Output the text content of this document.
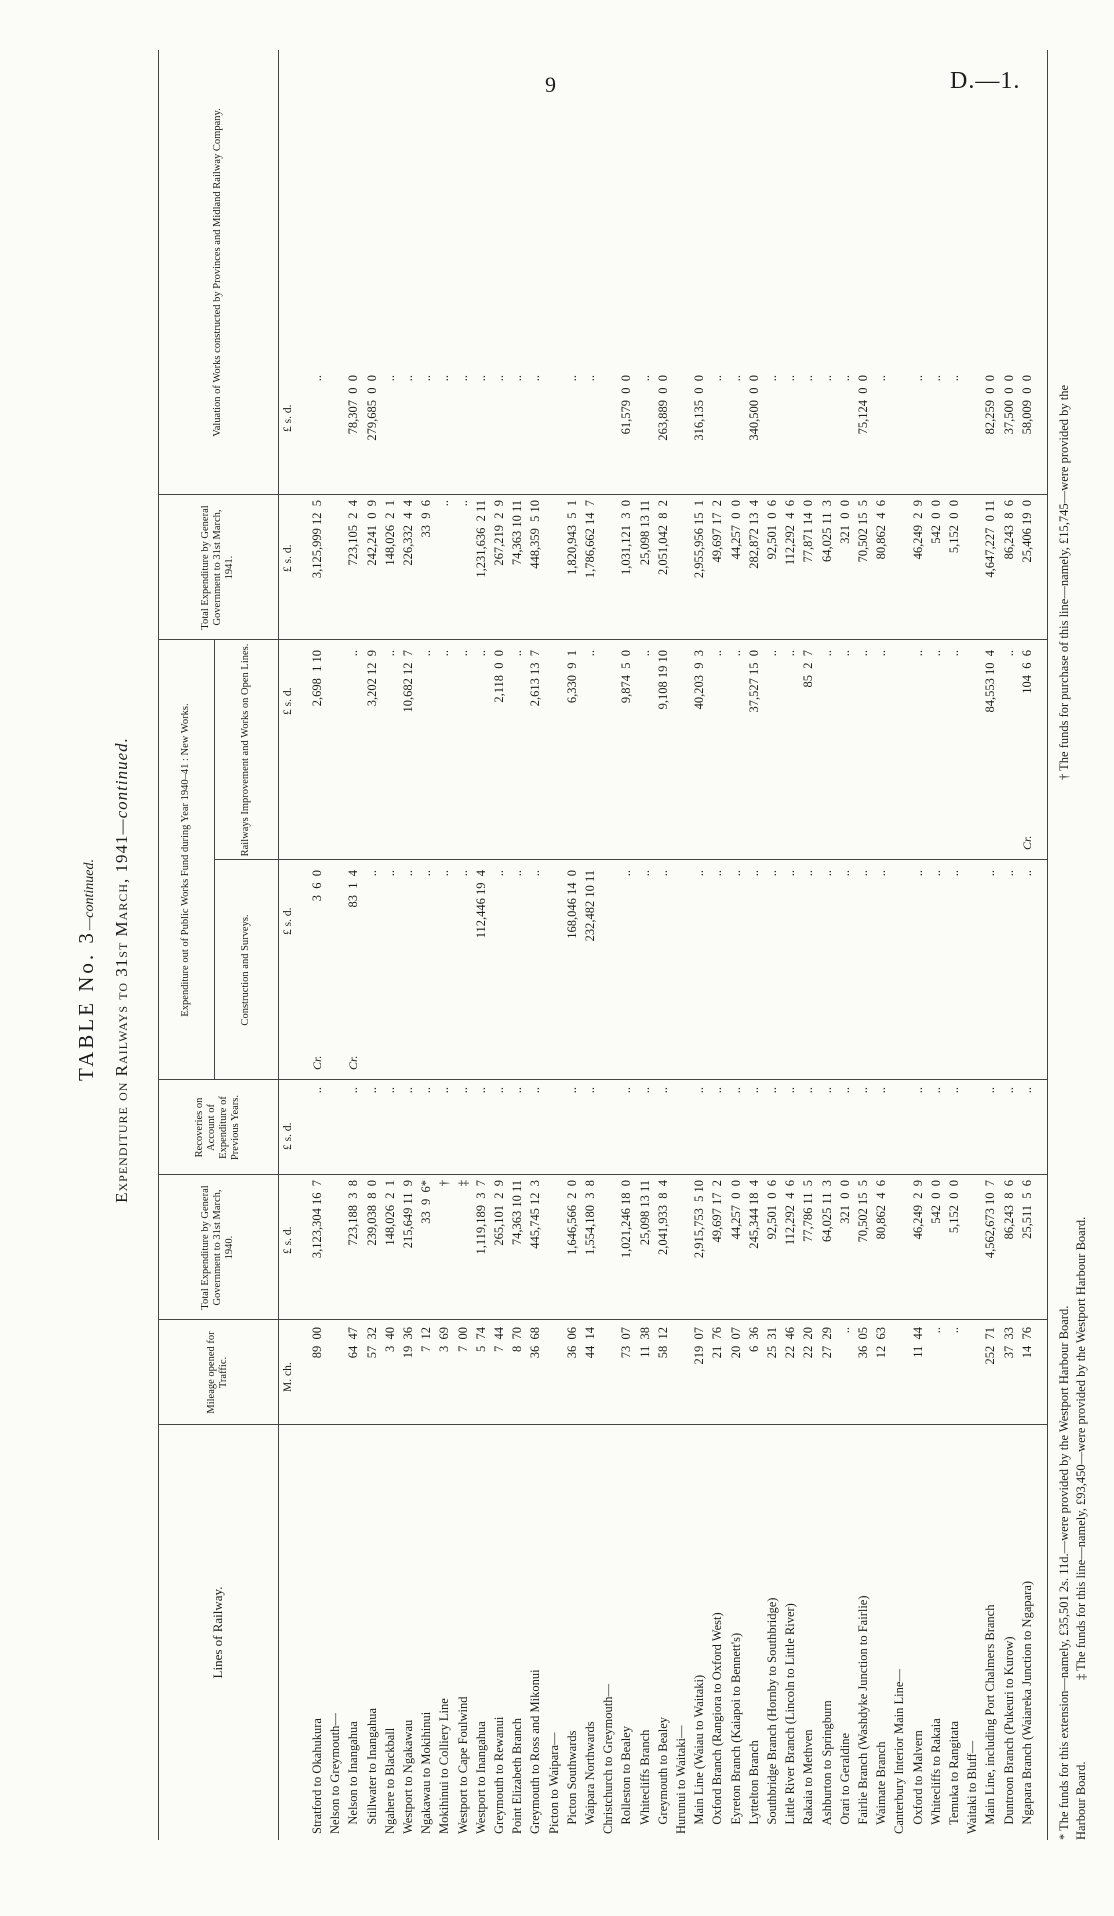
9	D.—1.
TABLE No. 3—continued. Expenditure on Railways to 31st March, 1941—continued.
Lines of Railway.
Mileage opened for Traffic.
Total Expenditure by General Government to 31st March, 1940.
Recoveries on Account of Expenditure of Previous Years.
Expenditure out of Public Works Fund during Year 1940–41 : New Works.	Construction and Surveys.
Railways Improvement and Works on Open Lines.
Total Expenditure by General Government to 31st March, 1941.
Valuation of Works constructed by Provinces and Midland Railway Company.
M. ch.
£ s. d.
£ s. d.
£ s. d.
£ s. d.
£ s. d.
£ s. d.
Stratford to Okahukura
89  00
3,123,304 16  7
..
3  6  0
2,698  1 10
3,125,999 12  5
..
Cr.
Nelson to Greymouth— Nelson to Inangahua
64  47
723,188  3  8
..
83  1  4
..
723,105  2  4
78,307  0  0
Cr.
Stillwater to Inangahua
57  32
239,038  8  0
..
..
3,202 12  9
242,241  0  9
279,685  0  0
Ngahere to Blackball
3  40
148,026  2  1
..
..
..
148,026  2  1
..
Westport to Ngakawau
19  36
215,649 11  9
..
..
10,682 12  7
226,332  4  4
..
Ngakawau to Mokihinui
7  12
33  9  6*
..
..
..
33  9  6
..
Mokihinui to Colliery Line
3  69
†
..
..
..
..
..
Westport to Cape Foulwind
7  00
‡
..
..
..
..
..
Westport to Inangahua
5  74
1,119,189  3  7
..
112,446 19  4
..
1,231,636  2 11
..
Greymouth to Rewanui
7  44
265,101  2  9
..
..
2,118  0  0
267,219  2  9
..
Point Elizabeth Branch
8  70
74,363 10 11
..
..
..
74,363 10 11
..
Greymouth to Ross and Mikonui
36  68
445,745 12  3
..
..
2,613 13  7
448,359  5 10
..
Picton to Waipara— Picton Southwards
36  06
1,646,566  2  0
..
168,046 14  0
6,330  9  1
1,820,943  5  1
..
Waipara Northwards
44  14
1,554,180  3  8
..
232,482 10 11
..
1,786,662 14  7
..
Christchurch to Greymouth— Rolleston to Bealey
73  07
1,021,246 18  0
..
..
9,874  5  0
1,031,121  3  0
61,579  0  0
Whitecliffs Branch
11  38
25,098 13 11
..
..
..
25,098 13 11
..
Greymouth to Bealey
58  12
2,041,933  8  4
..
..
9,108 19 10
2,051,042  8  2
263,889  0  0
Hurunui to Waitaki— Main Line (Waiau to Waitaki)
219  07
2,915,753  5 10
..
..
40,203  9  3
2,955,956 15  1
316,135  0  0
Oxford Branch (Rangiora to Oxford West)
21  76
49,697 17  2
..
..
..
49,697 17  2
..
Eyreton Branch (Kaiapoi to Bennett's)
20  07
44,257  0  0
..
..
..
44,257  0  0
..
Lyttelton Branch
6  36
245,344 18  4
..
..
37,527 15  0
282,872 13  4
340,500  0  0
Southbridge Branch (Hornby to Southbridge)
25  31
92,501  0  6
..
..
..
92,501  0  6
..
Little River Branch (Lincoln to Little River)
22  46
112,292  4  6
..
..
..
112,292  4  6
..
Rakaia to Methven
22  20
77,786 11  5
..
..
85  2  7
77,871 14  0
..
Ashburton to Springburn
27  29
64,025 11  3
..
..
..
64,025 11  3
..
Orari to Geraldine
..
321  0  0
..
..
..
321  0  0
..
Fairlie Branch (Washdyke Junction to Fairlie)
36  05
70,502 15  5
..
..
..
70,502 15  5
75,124  0  0
Waimate Branch
12  63
80,862  4  6
..
..
..
80,862  4  6
..
Canterbury Interior Main Line— Oxford to Malvern
11  44
46,249  2  9
..
..
..
46,249  2  9
..
Whitecliffs to Rakaia
..
542  0  0
..
..
..
542  0  0
..
Temuka to Rangitata
..
5,152  0  0
..
..
..
5,152  0  0
..
Waitaki to Bluff— Main Line, including Port Chalmers Branch
252  71
4,562,673 10  7
..
..
84,553 10  4
4,647,227  0 11
82,259  0  0
Duntroon Branch (Pukeuri to Kurow)
37  33
86,243  8  6
..
..
..
86,243  8  6
37,500  0  0
Ngapara Branch (Waiareka Junction to Ngapara)
14  76
25,511  5  6
..
..
104  6  6
25,406 19  0
58,009  0  0
Cr.
* The funds for this extension—namely, £35,501 2s. 11d.—were provided by the Westport Harbour Board.
† The funds for purchase of this line—namely, £15,745—were provided by the
Harbour Board.
‡ The funds for this line—namely, £93,450—were provided by the Westport Harbour Board.
